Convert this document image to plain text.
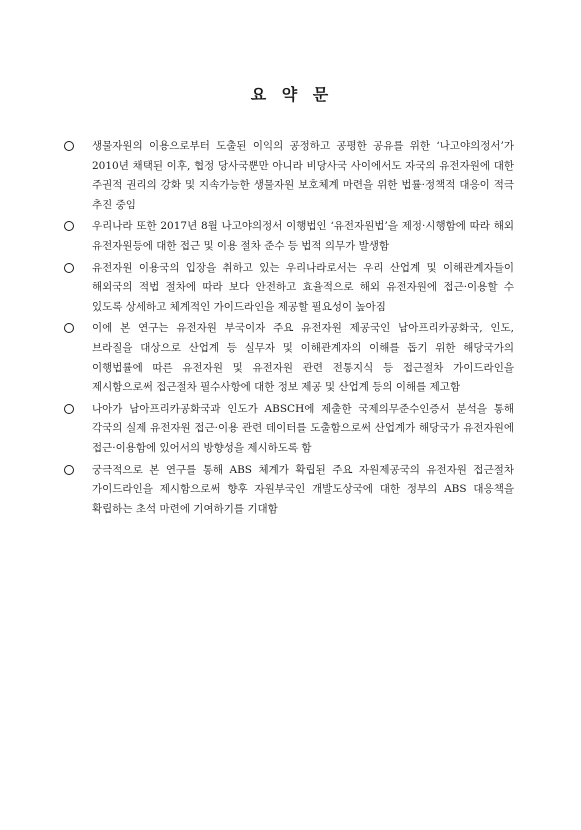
요 약 문
생물자원의 이용으로부터 도출된 이익의 공정하고 공평한 공유를 위한 ‘나고야의정서’가 2010년 채택된 이후, 협정 당사국뿐만 아니라 비당사국 사이에서도 자국의 유전자원에 대한 주권적 권리의 강화 및 지속가능한 생물자원 보호체계 마련을 위한 법률·정책적 대응이 적극 추진 중임
우리나라 또한 2017년 8월 나고야의정서 이행법인 ‘유전자원법’을 제정·시행함에 따라 해외 유전자원등에 대한 접근 및 이용 절차 준수 등 법적 의무가 발생함
유전자원 이용국의 입장을 취하고 있는 우리나라로서는 우리 산업계 및 이해관계자들이 해외국의 적법 절차에 따라 보다 안전하고 효율적으로 해외 유전자원에 접근·이용할 수 있도록 상세하고 체계적인 가이드라인을 제공할 필요성이 높아짐
이에 본 연구는 유전자원 부국이자 주요 유전자원 제공국인 남아프리카공화국, 인도, 브라질을 대상으로 산업계 등 실무자 및 이해관계자의 이해를 돕기 위한 해당국가의 이행법률에 따른 유전자원 및 유전자원 관련 전통지식 등 접근절차 가이드라인을 제시함으로써 접근절차 필수사항에 대한 정보 제공 및 산업계 등의 이해를 제고함
나아가 남아프리카공화국과 인도가 ABSCH에 제출한 국제의무준수인증서 분석을 통해 각국의 실제 유전자원 접근·이용 관련 데이터를 도출함으로써 산업계가 해당국가 유전자원에 접근·이용함에 있어서의 방향성을 제시하도록 함
궁극적으로 본 연구를 통해 ABS 체계가 확립된 주요 자원제공국의 유전자원 접근절차 가이드라인을 제시함으로써 향후 자원부국인 개발도상국에 대한 정부의 ABS 대응책을 확립하는 초석 마련에 기여하기를 기대함
